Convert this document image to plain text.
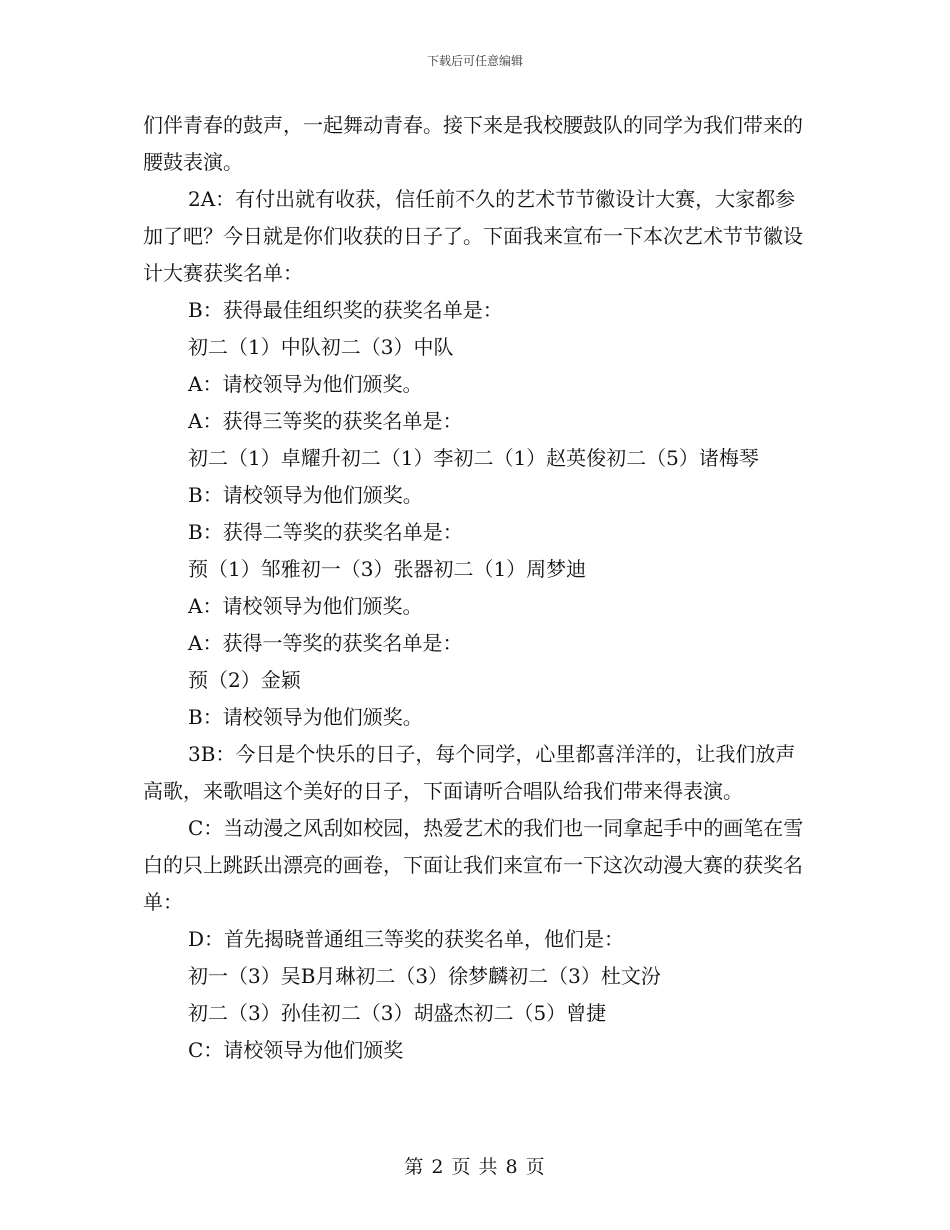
下载后可任意编辑

们伴青春的鼓声，一起舞动青春。接下来是我校腰鼓队的同学为我们带来的腰鼓表演。

2A：有付出就有收获，信任前不久的艺术节节徽设计大赛，大家都参加了吧？今日就是你们收获的日子了。下面我来宣布一下本次艺术节节徽设计大赛获奖名单：

B：获得最佳组织奖的获奖名单是：

初二（1）中队初二（3）中队

A：请校领导为他们颁奖。

A：获得三等奖的获奖名单是：

初二（1）卓耀升初二（1）李初二（1）赵英俊初二（5）诸梅琴

B：请校领导为他们颁奖。

B：获得二等奖的获奖名单是：

预（1）邹雅初一（3）张器初二（1）周梦迪

A：请校领导为他们颁奖。

A：获得一等奖的获奖名单是：

预（2）金颖

B：请校领导为他们颁奖。

3B：今日是个快乐的日子，每个同学，心里都喜洋洋的，让我们放声高歌，来歌唱这个美好的日子，下面请听合唱队给我们带来得表演。

C：当动漫之风刮如校园，热爱艺术的我们也一同拿起手中的画笔在雪白的只上跳跃出漂亮的画卷，下面让我们来宣布一下这次动漫大赛的获奖名单：

D：首先揭晓普通组三等奖的获奖名单，他们是：

初一（3）吴B月琳初二（3）徐梦麟初二（3）杜文汾

初二（3）孙佳初二（3）胡盛杰初二（5）曾捷

C：请校领导为他们颁奖

第 2 页 共 8 页
